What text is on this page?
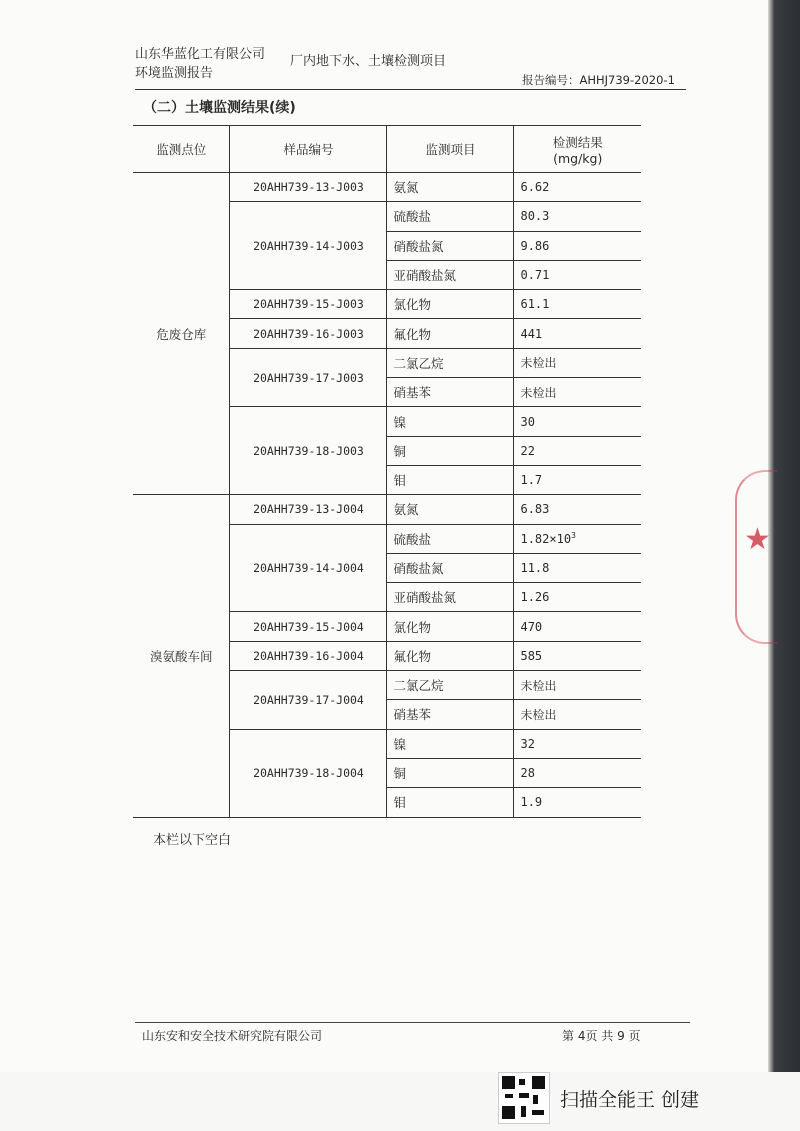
★
山东华蓝化工有限公司 厂内地下水、土壤检测项目
环境监测报告	报告编号：AHHJ739-2020-1
（二）土壤监测结果(续)
监测点位	样品编号	监测项目	检测结果
(mg/kg)

危废仓库	20AHH739-13-J003	氨氮	6.62
	20AHH739-14-J003	硫酸盐	80.3
		硝酸盐氮	9.86
		亚硝酸盐氮	0.71
	20AHH739-15-J003	氯化物	61.1
	20AHH739-16-J003	氟化物	441
	20AHH739-17-J003	二氯乙烷	未检出
		硝基苯	未检出
	20AHH739-18-J003	镍	30
		铜	22
		钼	1.7
溴氨酸车间	20AHH739-13-J004	氨氮	6.83
	20AHH739-14-J004	硫酸盐	$1.82\times 10^3$
		硝酸盐氮	11.8
		亚硝酸盐氮	1.26
	20AHH739-15-J004	氯化物	470
	20AHH739-16-J004	氟化物	585
	20AHH739-17-J004	二氯乙烷	未检出
		硝基苯	未检出
	20AHH739-18-J004	镍	32
		铜	28
		钼	1.9
本栏以下空白
山东安和安全技术研究院有限公司	第 4页 共 9 页
扫描全能王 创建
